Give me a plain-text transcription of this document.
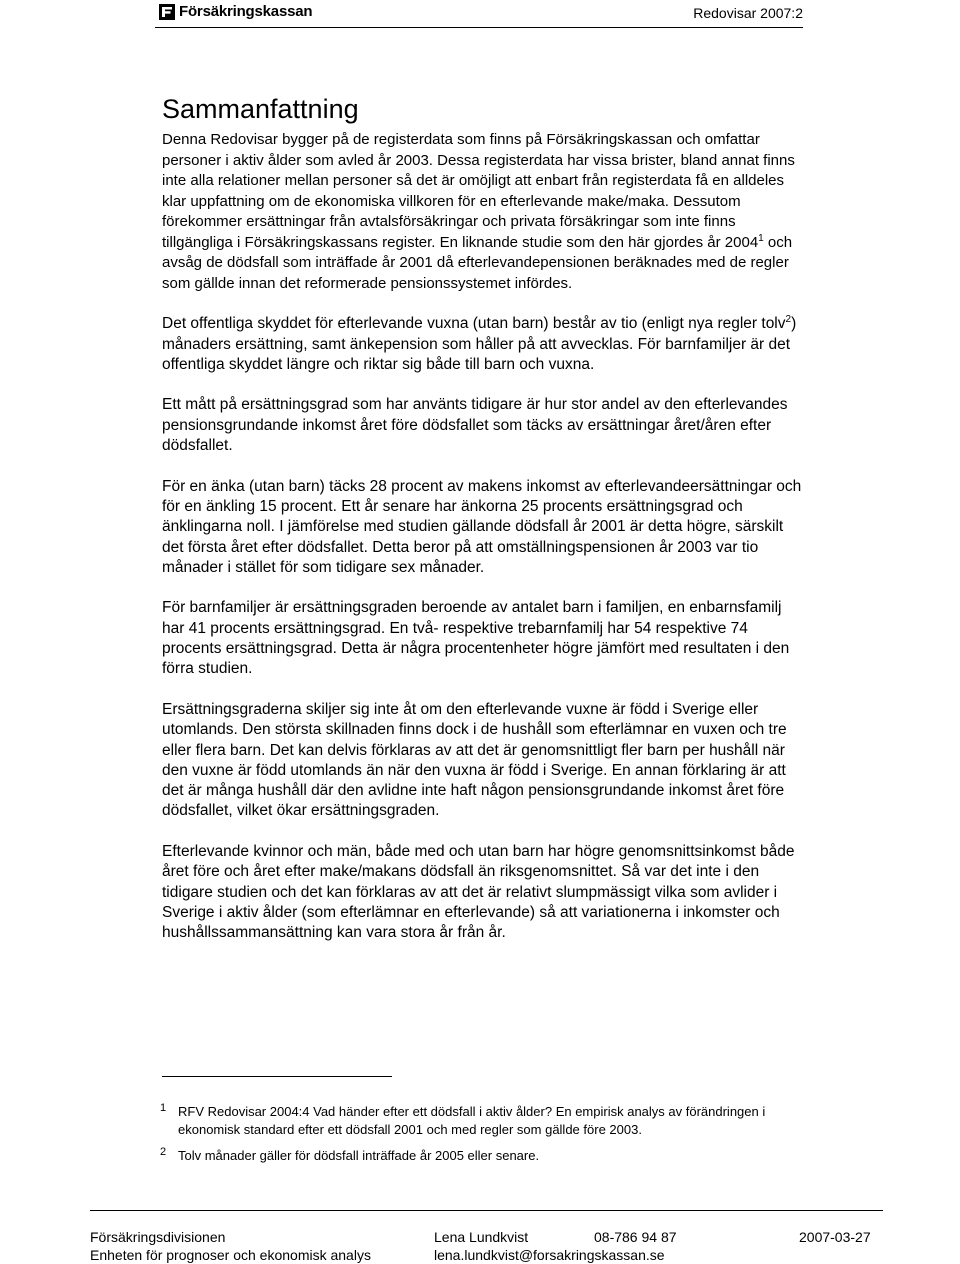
Försäkringskassan	Redovisar 2007:2
Sammanfattning

Denna Redovisar bygger på de registerdata som finns på Försäkringskassan och omfattar personer i aktiv ålder som avled år 2003. Dessa registerdata har vissa brister, bland annat finns inte alla relationer mellan personer så det är omöjligt att enbart från registerdata få en alldeles klar uppfattning om de ekonomiska villkoren för en efterlevande make/maka. Dessutom förekommer ersättningar från avtalsförsäkringar och privata försäkringar som inte finns tillgängliga i Försäkringskassans register. En liknande studie som den här gjordes år 2004$^1$ och avsåg de dödsfall som inträffade år 2001 då efterlevandepensionen beräknades med de regler som gällde innan det reformerade pensionssystemet infördes.

Det offentliga skyddet för efterlevande vuxna (utan barn) består av tio (enligt nya regler tolv$^2$) månaders ersättning, samt änkepension som håller på att avvecklas. För barnfamiljer är det offentliga skyddet längre och riktar sig både till barn och vuxna.

Ett mått på ersättningsgrad som har använts tidigare är hur stor andel av den efterlevandes pensionsgrundande inkomst året före dödsfallet som täcks av ersättningar året/åren efter dödsfallet.

För en änka (utan barn) täcks 28 procent av makens inkomst av efterlevandeersättningar och för en änkling 15 procent. Ett år senare har änkorna 25 procents ersättningsgrad och änklingarna noll. I jämförelse med studien gällande dödsfall år 2001 är detta högre, särskilt det första året efter dödsfallet. Detta beror på att omställningspensionen år 2003 var tio månader i stället för som tidigare sex månader.

För barnfamiljer är ersättningsgraden beroende av antalet barn i familjen, en enbarnsfamilj har 41 procents ersättningsgrad. En två- respektive trebarnfamilj har 54 respektive 74 procents ersättningsgrad. Detta är några procentenheter högre jämfört med resultaten i den förra studien.

Ersättningsgraderna skiljer sig inte åt om den efterlevande vuxne är född i Sverige eller utomlands. Den största skillnaden finns dock i de hushåll som efterlämnar en vuxen och tre eller flera barn. Det kan delvis förklaras av att det är genomsnittligt fler barn per hushåll när den vuxne är född utomlands än när den vuxna är född i Sverige. En annan förklaring är att det är många hushåll där den avlidne inte haft någon pensionsgrundande inkomst året före dödsfallet, vilket ökar ersättningsgraden.

Efterlevande kvinnor och män, både med och utan barn har högre genomsnittsinkomst både året före och året efter make/makans dödsfall än riksgenomsnittet. Så var det inte i den tidigare studien och det kan förklaras av att det är relativt slumpmässigt vilka som avlider i Sverige i aktiv ålder (som efterlämnar en efterlevande) så att variationerna i inkomster och hushållssammansättning kan vara stora år från år.

1 RFV Redovisar 2004:4 Vad händer efter ett dödsfall i aktiv ålder? En empirisk analys av förändringen i ekonomisk standard efter ett dödsfall 2001 och med regler som gällde före 2003.
2 Tolv månader gäller för dödsfall inträffade år 2005 eller senare.
Försäkringsdivisionen
Enheten för prognoser och ekonomisk analys
Lena Lundkvist
lena.lundkvist@forsakringskassan.se
08-786 94 87	2007-03-27
